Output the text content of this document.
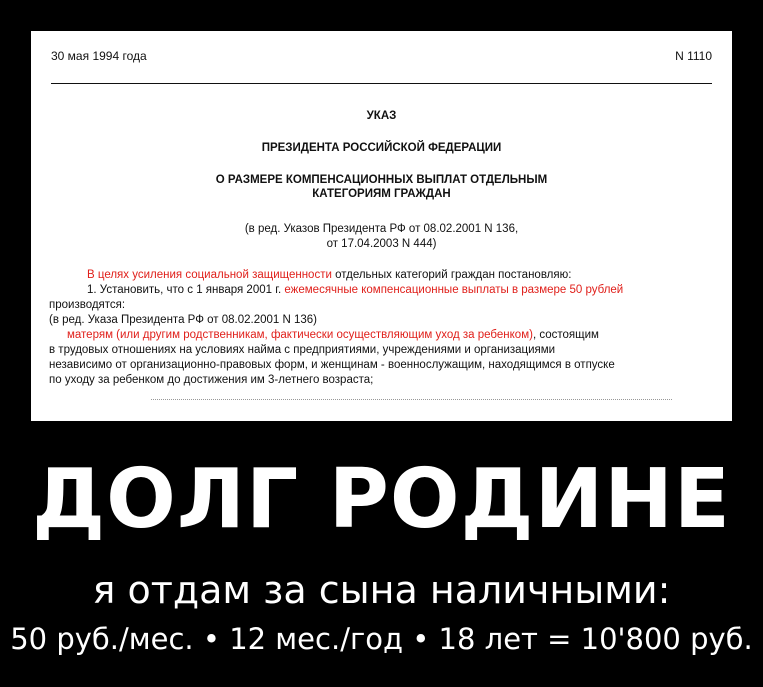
30 мая 1994 года	N 1110
УКАЗ
ПРЕЗИДЕНТА РОССИЙСКОЙ ФЕДЕРАЦИИ
О РАЗМЕРЕ КОМПЕНСАЦИОННЫХ ВЫПЛАТ ОТДЕЛЬНЫМ
КАТЕГОРИЯМ ГРАЖДАН
(в ред. Указов Президента РФ от 08.02.2001 N 136,
от 17.04.2003 N 444)

В целях усиления социальной защищенности отдельных категорий граждан постановляю:

1. Установить, что с 1 января 2001 г. ежемесячные компенсационные выплаты в размере 50 рублей

производятся:

(в ред. Указа Президента РФ от 08.02.2001 N 136)

матерям (или другим родственникам, фактически осуществляющим уход за ребенком), состоящим

в трудовых отношениях на условиях найма с предприятиями, учреждениями и организациями

независимо от организационно-правовых форм, и женщинам - военнослужащим, находящимся в отпуске

по уходу за ребенком до достижения им 3-летнего возраста;

ДОЛГ РОДИНЕ
я отдам за сына наличными:
50 руб./мес. • 12 мес./год • 18 лет = 10'800 руб.
